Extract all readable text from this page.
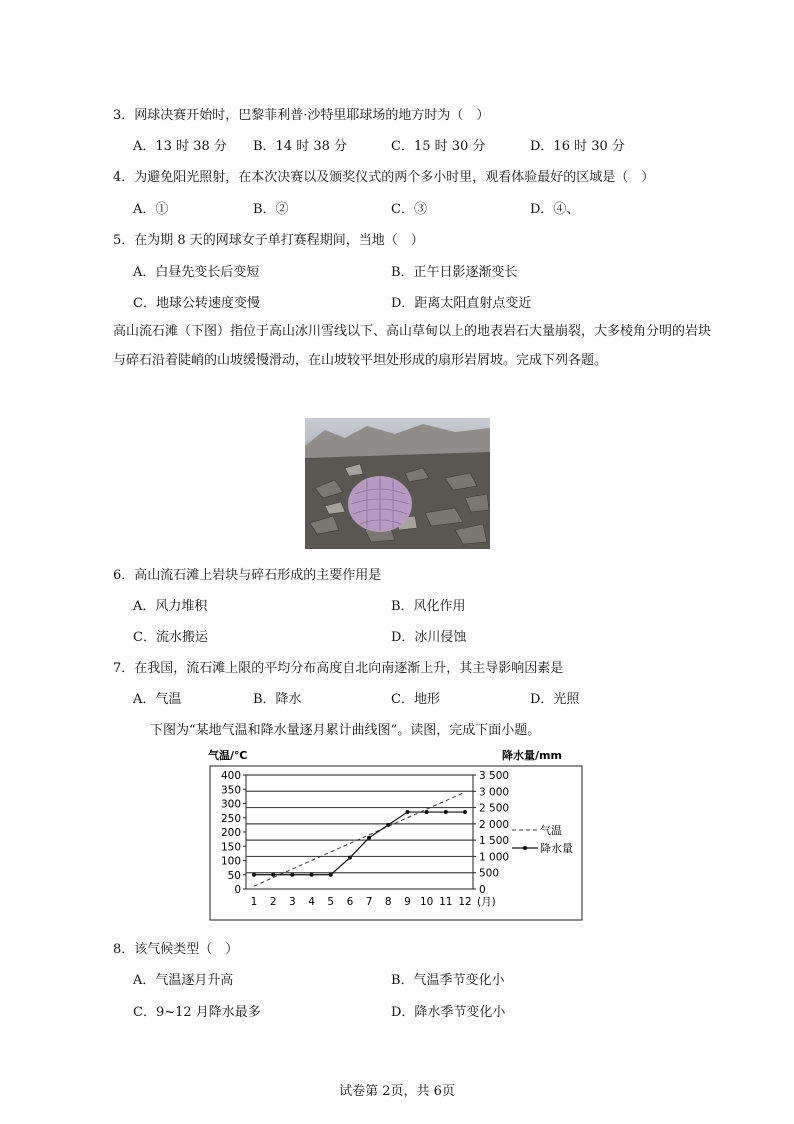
3．网球决赛开始时，巴黎菲利普·沙特里耶球场的地方时为（　）
A．13 时 38 分 B．14 时 38 分	C．15 时 30 分	D．16 时 30 分
4．为避免阳光照射，在本次决赛以及颁奖仪式的两个多小时里，观看体验最好的区域是（　）
A．①	B．②	C．③	D．④、
5．在为期 8 天的网球女子单打赛程期间，当地（　）
A．白昼先变长后变短	B．正午日影逐渐变长
C．地球公转速度变慢	D．距离太阳直射点变近
高山流石滩（下图）指位于高山冰川雪线以下、高山草甸以上的地表岩石大量崩裂，大多棱角分明的岩块与碎石沿着陡峭的山坡缓慢滑动，在山坡较平坦处形成的扇形岩屑坡。完成下列各题。
6．高山流石滩上岩块与碎石形成的主要作用是
A．风力堆积	B．风化作用
C．流水搬运	D．冰川侵蚀
7．在我国，流石滩上限的平均分布高度自北向南逐渐上升，其主导影响因素是
A．气温	B．降水	C．地形	D．光照
下图为“某地气温和降水量逐月累计曲线图”。读图，完成下面小题。
气温/℃	降水量/mm
0
50
100
150
200
250
300
350
400
0
500
1 000
1 500
2 000
2 500
3 000
3 500
1 2 3 4 5 6 7 8 9 10 11 12 (月)
气温
降水量
8．该气候类型（　）
A．气温逐月升高	B．气温季节变化小
C．9~12 月降水最多	D．降水季节变化小
试卷第 2页，共 6页
